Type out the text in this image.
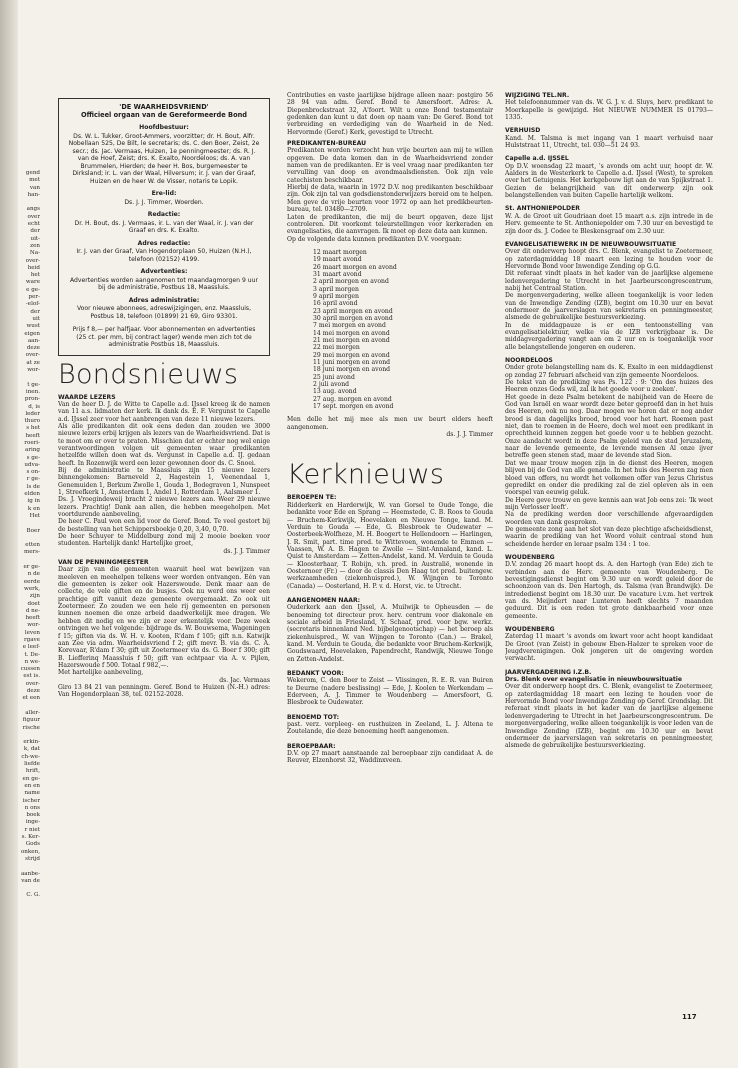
gend
met
van
han-

angs
over
echt
der
uit-
zen
Na-
over-
heid
het
ware
e ge-
per-
-elof-
der
uit
wust
eigen
aan-
deze
over-
at ze
wor-

t ge-
inen.
pron-
d, is
leder
thuro
s het
heeft
roeri-
aring
s ge-
udva-
s on-
r ge-
ls de
elden
ig in
k en
Het

Boer

etten
mers-

er ge-
n de
eerde
werk,
zijn
doet
d ne-
heeft
wor-
leven
rgave
e leef-
t. De-
n we-
cussen
est is.
over-
deze
et een

aller-
figuur
rische

erkin-
k, dat
ch-we-
liefde
hrift,
en ge-
en en
name
ischer
n ons
boek
inge-
r niet
s. Ker-
Gods
onken,
strijd

aanbe-
van de

C. G.
'DE WAARHEIDSVRIEND'
Officieel orgaan van de Gereformeerde Bond
Hoofdbestuur:
Ds. W. L. Tukker, Groot-Ammers, voorzitter; dr. H. Bout, Alfr. Nobellaan 525, De Bilt, le secretaris; ds. C. den Boer, Zeist, 2e secr.; ds. Jac. Vermaas, Huizen, 1e penningmeester; ds. R. J. van de Hoef, Zeist; drs. K. Exalto, Noordeloos; ds. A. van Brummelen, Hierden; de heer H. Bos, burgemeester te Dirksland; ir. L. van der Waal, Hilversum; ir. J. van der Graaf, Huizen en de heer W. de Visser, notaris te Lopik.
Ere-lid:
Ds. J. J. Timmer, Woerden.
Redactie:
Dr. H. Bout, ds. J. Vermaas, ir. L. van der Waal, ir. J. van der Graaf en drs. K. Exalto.
Adres redactie:
Ir. J. van der Graaf, Van Hogendorplaan 50, Huizen (N.H.), telefoon (02152) 4199.
Advertenties:
Advertenties worden aangenomen tot maandagmorgen 9 uur bij de administratie, Postbus 18, Maassluis.
Adres administratie:
Voor nieuwe abonnees, adreswijzigingen, enz. Maassluis, Postbus 18, telefoon (01899) 21 69, Giro 93301.
Prijs f 8,— per halfjaar. Voor abonnementen en advertenties (25 ct. per mm, bij contract lager) wende men zich tot de administratie Postbus 18, Maassluis.
Bondsnieuws
WAARDE LEZERS

Van de heer D. J. de Witte te Capelle a.d. IJssel kreeg ik de namen van 11 a.s. lidmaten der kerk. Ik dank ds. E. F. Vergunst te Capelle a.d. IJssel zeer voor het aanbrengen van deze 11 nieuwe lezers.

Als alle predikanten dit ook eens deden dan zouden we 3000 nieuwe lezers erbij krijgen als lezers van de Waarheidsvriend. Dat is te moot om er over te praten. Misschien dat er echter nog wel enige verantwoordingen volgen uit gemeenten waar predikanten hetzelfde willen doen wat ds. Vergunst in Capelle a.d. IJ. gedaan heeft. In Rozenwijk werd een lezer gewonnen door ds. C. Snoei.

Bij de administratie te Maassluis zijn 15 nieuwe lezers binnengekomen: Barneveld 2, Hagestein 1, Veenendaal 1, Genemuiden 1, Berkum Zwolle 1, Gouda 1, Bodegraven 1, Nunspeet 1, Streefkerk 1, Amsterdam 1, Andel 1, Rotterdam 1, Aalsmeer 1.

Ds. J. Vroegindeweij bracht 2 nieuwe lezers aan. Weer 29 nieuwe lezers. Prachtig! Dank aan allen, die hebben meegeholpen. Met voortdurende aanbeveling,

De heer C. Paul won een lid voor de Geref. Bond. Te veel gestort bij de bestelling van het Schippersboekje 0,20, 3,40, 0,70.

De heer Schuyer te Middelburg zond mij 2 mooie boeken voor studenten. Hartelijk dank! Hartelijke groet,

ds. J. J. Timmer

VAN DE PENNINGMEESTER

Daar zijn van die gemeenten waaruit heel wat bewijzen van meeleven en meehelpen telkens weer worden ontvangen. Eén van die gemeenten is zeker ook Hazerswoude. Denk maar aan de collecte, de vele giften en de busjes. Ook nu werd ons weer een prachtige gift vanuit deze gemeente overgemaakt. Zo ook uit Zoetermeer. Zo zouden we een hele rij gemeenten en personen kunnen noemen die onze arbeid daadwerkelijk mee dragen. We hebben dit nodig en we zijn er zeer erkentelijk voor. Deze week ontvingen we het volgende: bijdrage ds. W. Bouwsema, Wageningen f 15; giften via ds. W. H. v. Kooten, R'dam f 105; gift n.n. Katwijk aan Zee via adm. Waarheidsvriend f 2; gift mevr. B. via ds. C. A. Korevaar, R'dam f 30; gift uit Zoetermeer via ds. G. Boer f 300; gift B. Liefferinq Maassluis f 50; gift van echtpaar via A. v. Pijlen, Hazerswoude f 500. Totaal f 982,—.

Met hartelijke aanbeveling,

ds. Jac. Vermaas

Giro 13 84 21 van penningm. Geref. Bond te Huizen (N.-H.) adres: Van Hogendorplaan 38, tel. 02152-2028.

Contributies en vaste jaarlijkse bijdrage alleen naar: postgiro 56 28 94 van adm. Geref. Bond te Amersfoort. Adres: A. Diepenbrockstraat 32, A'foort. Wilt u onze Bond testamentair gedenken dan kunt u dat doen op naam van: De Geref. Bond tot verbreiding en verdediging van de Waarheid in de Ned. Hervormde (Geref.) Kerk, gevestigd te Utrecht.

PREDIKANTEN-BUREAU

Predikanten worden verzocht hun vrije beurten aan mij te willen opgeven. De data komen dan in de Waarheidsvriend zonder namen van de predikanten. Er is veel vraag naar predikanten ter vervulling van doop en avondmaalsdiensten. Ook zijn vele catechisten beschikbaar.

Hierbij de data, waarin in 1972 D.V. nog predikanten beschikbaar zijn. Ook zijn tal van godsdienstonderwijzers bereid om te helpen. Men geve de vrije beurten voor 1972 op aan het predikbeurten-bureau, tel. 03480—2709.

Laten de predikanten, die mij de beurt opgaven, deze lijst controleren. Dit voorkomt teleurstellingen voor kerkeraden en evangelisaties, die aanvragen. Ik moet op deze data aan kunnen.

Op de volgende data kunnen predikanten D.V. voorgaan:

12 maart morgen
19 maart avond
26 maart morgen en avond
31 maart avond
2 april morgen en avond
3 april morgen
9 april morgen
16 april avond
23 april morgen en avond
30 april morgen en avond
7 mei morgen en avond
14 mei morgen en avond
21 mei morgen en avond
22 mei morgen
29 mei morgen en avond
11 juni morgen en avond
18 juni morgen en avond
25 juni avond
2 juli avond
13 aug. avond
27 aug. morgen en avond
17 sept. morgen en avond

Men delle het mij mee als men uw beurt elders heeft aangenomen.

ds. J. J. Timmer

Kerknieuws
BEROEPEN TE:

Ridderkerk en Harderwijk, W. van Gorsel te Oude Tonge, die bedankte voor Ede en Sprang — Heemstede, C. B. Roos te Gouda — Bruchem-Kerkwijk, Hoevelaken en Nieuwe Tonge, kand. M. Verduin te Gouda — Ede, G. Blesbroek te Oudewater — Oosterbeek-Wolfheze, M. H. Boogert te Hellendoorn — Harlingen, J. R. Smit, part. time pred. te Wittevoen, wonende te Emmen — Vaassen, W. A. B. Hagen te Zwolle — Sint-Annaland, kand. L. Quist te Amsterdam — Zetten-Andelst, kand. M. Verduin te Gouda — Kloosterhaar, T. Robijn, v.h. pred. in Australië, wonende in Oosternoer (Fr.) — door de classis Den Haag tot pred. buitengew. werkzaamheden (ziekenhuispred.), W. Wijngen te Toronto (Canada) — Oosterland, H. P. v. d. Horst, vic. te Utrecht.

AANGENOMEN NAAR:

Ouderkerk aan den IJssel, A. Muilwijk te Opheusden — de benoeming tot directeur prov. herv. centrum voor diakonale en sociale arbeid in Friesland, Y. Schaaf, pred. voor bgw. werkz. (secretaris binnenland Ned. bijbelgenootschap) — het beroep als ziekenhuispred., W. van Wijngen te Toronto (Can.) — Brakel, kand. M. Verduin te Gouda, die bedankte voor Bruchem-Kerkwijk, Goudswaard, Hoevelaken, Papendrecht, Randwijk, Nieuwe Tonge en Zetten-Andelst.

BEDANKT VOOR:

Wekerom, C. den Boer te Zeist — Vlissingen, R. E. R. van Buiren te Deurne (nadere beslissing) — Ede, J. Koolen te Werkendam — Ederveen, A. J. Timmer te Woudenberg — Amersfoort, G. Blesbroek te Oudewater.

BENOEMD TOT:

past. verz. verpleeg- en rusthuizen in Zeeland, L. J. Altena te Zoutelande, die deze benoeming heeft aangenomen.

BEROEPBAAR:

D.V. op 27 maart aanstaande zal beroepbaar zijn candidaat A. de Reuver, Elzenhorst 32, Waddinxveen.

WIJZIGING TEL.NR.

Het telefoonnummer van ds. W. G. J. v. d. Sluys, herv. predikant te Moerkapelle is gewijzigd. Het NIEUWE NUMMER IS 01793—1335.

VERHUISD

Kand. M. Talsma is met ingang van 1 maart verhuisd naar Hulststraat 11, Utrecht, tel. 030—51 24 93.

Capelle a.d. IJSSEL

Op D.V. woensdag 22 maart, 's avonds om acht uur, hoopt dr. W. Aalders in de Westerkerk te Capelle a.d. IJssel (West), te spreken over het Getuigenis. Het kerkgebouw ligt aan de van Spijkstraat 1. Gezien de belangrijkheid van dit onderwerp zijn ook belangstellenden van buiten Capelle hartelijk welkom.

St. ANTHONIEPOLDER

W. A. de Groot uit Goudriaan doet 15 maart a.s. zijn intrede in de Herv. gemeente te St. Anthoniepolder om 7.30 uur en bevestigd te zijn door ds. J. Codee te Bleskensgraaf om 2.30 uur.

EVANGELISATIEWERK IN DE NIEUWBOUWSITUATIE

Over dit onderwerp hoopt drs. C. Blenk, evangelist te Zoetermeer, op zaterdagmiddag 18 maart een lezing te houden voor de Hervormde Bond voor Inwendige Zending op G.G.

Dit referaat vindt plaats in het kader van de jaarlijkse algemene ledenvergadering te Utrecht in het Jaarbeurscongrescentrum, nabij het Centraal Station.

De morgenvergadering, welke alleen toegankelijk is voor leden van de Inwendige Zending (IZB), begint om 10.30 uur en bevat ondermeer de jaarverslagen van sekretaris en penningmeester, alsmede de gebruikelijke bestuursverkiezing.

In de middagpauze is er een tentoonstelling van evangelisatielektuur, welke via de IZB verkrijgbaar is. De middagvergadering vangt aan om 2 uur en is toegankelijk voor alle belangstellende jongeren en ouderen.

NOORDELOOS

Onder grote belangstelling nam ds. K. Exalto in een middagdienst op zondag 27 februari afscheid van zijn gemeente Noordeloos.

De tekst van de prediking was Ps. 122 : 9: 'Om des huizes des Heeren onzes Gods wil, zal ik het goede voor u zoeken'.

Het goede in deze Psalm betekent de nabijheid van de Heere de God van Israël en waar wordt deze beter geproefd dan in het huis des Heeren, ook nu nog. Daar mogen we horen dat er nog ander brood is dan dagelijks brood, brood voor het hart. Roemen past niet, dan te roemen in de Heere, doch wel moet een predikant in oprechtheid kunnen zeggen het goede voor u te hebben gezocht. Onze aandacht wordt in deze Psalm geleid van de stad Jeruzalem, naar de levende gemeente, de levende mensen Al onze ijver betreffe geen stenen stad, maar de levende stad Sion.

Dat we maar trouw mogen zijn in de dienst des Heeren, mogen blijven bij de God van alle genade. In het huis des Heeren zag men bloed van offers, nu wordt het volkomen offer van Jezus Christus gepredikt en onder die prediking zal de ziel opleven als in een voorspel van eeuwig geluk.

De Heere geve trouw en geve kennis aan wat Job eens zei: 'Ik weet mijn Verlosser leeft'.

Na de prediking werden door verschillende afgevaardigden woorden van dank gesproken.

De gemeente zong aan het slot van deze plechtige afscheidsdienst, waarin de prediking van het Woord voluit centraal stond hun scheidende herder en leraar psalm 134 : 1 toe.

WOUDENBERG

D.V. zondag 26 maart hoopt ds. A. den Hartogh (van Ede) zich te verbinden aan de Herv. gemeente van Woudenberg. De bevestigingsdienst begint om 9.30 uur en wordt geleid door de schoonzoon van ds. Den Hartogh, ds. Talsma (van Brandwijk). De intrededienst begint om 18.30 uur. De vacature i.v.m. het vertrek van ds. Meijndert naar Lunteren heeft slechts 7 maanden geduurd. Dit is een reden tot grote dankbaarheid voor onze gemeente.

WOUDENBERG

Zaterdag 11 maart 's avonds om kwart voor acht hoopt kandidaat De Groot (van Zeist) in gebouw Eben-Haëzer te spreken voor de Jeugdverenigingen. Ook jongeren uit de omgeving worden verwacht.

JAARVERGADERING I.Z.B.
Drs. Blenk over evangelisatie in nieuwbouwsituatie

Over dit onderwerp hoopt drs. C. Blenk, evangelist te Zoetermeer, op zaterdagmiddag 18 maart een lezing te houden voor de Hervormde Bond voor Inwendige Zending op Geref. Grondslag. Dit referaat vindt plaats in het kader van de jaarlijkse algemene ledenvergadering te Utrecht in het Jaarbeurscongrescentrum. De morgenvergadering, welke alleen toegankelijk is voor leden van de Inwendige Zending (IZB), begint om 10.30 uur en bevat ondermeer de jaarverslagen van sekretaris en penningmeester, alsmede de gebruikelijke bestuursverkiezing.

117
